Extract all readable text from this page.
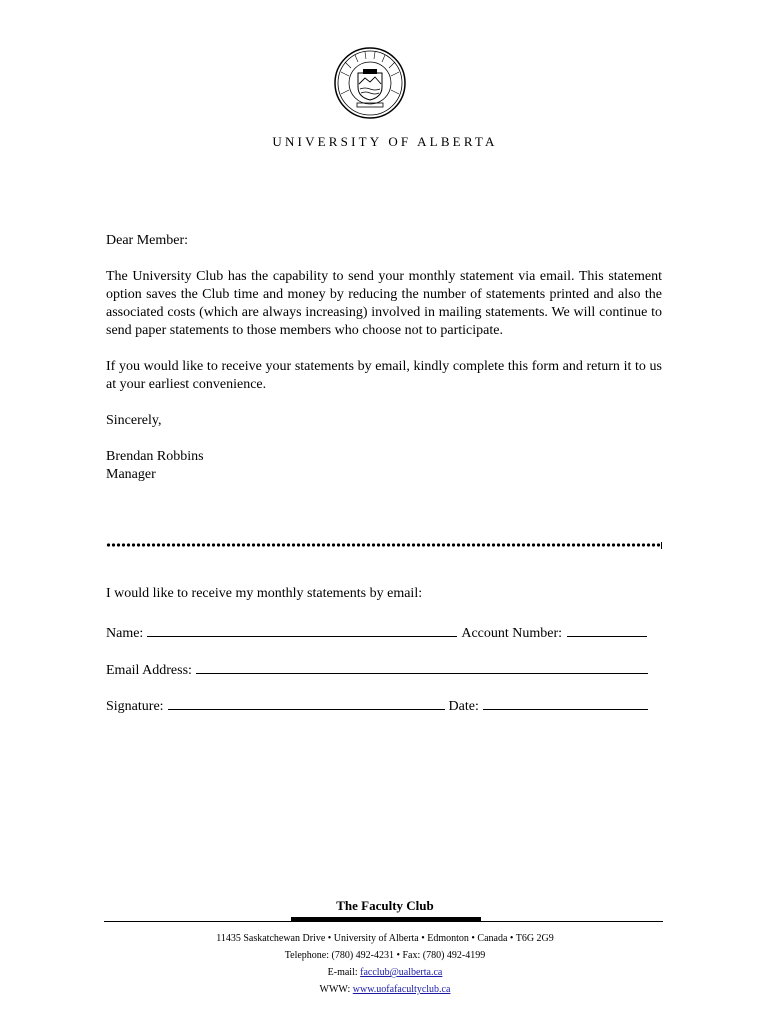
UNIVERSITY OF ALBERTA

Dear Member:

The University Club has the capability to send your monthly statement via email. This statement option saves the Club time and money by reducing the number of statements printed and also the associated costs (which are always increasing) involved in mailing statements. We will continue to send paper statements to those members who choose not to participate.

If you would like to receive your statements by email, kindly complete this form and return it to us at your earliest convenience.

Sincerely,

Brendan Robbins

Manager

I would like to receive my monthly statements by email:

Name:	Account Number:
Email Address:
Signature:	Date:
The Faculty Club
11435 Saskatchewan Drive • University of Alberta • Edmonton • Canada • T6G 2G9
Telephone: (780) 492-4231 • Fax: (780) 492-4199
E-mail: facclub@ualberta.ca
WWW: www.uofafacultyclub.ca
